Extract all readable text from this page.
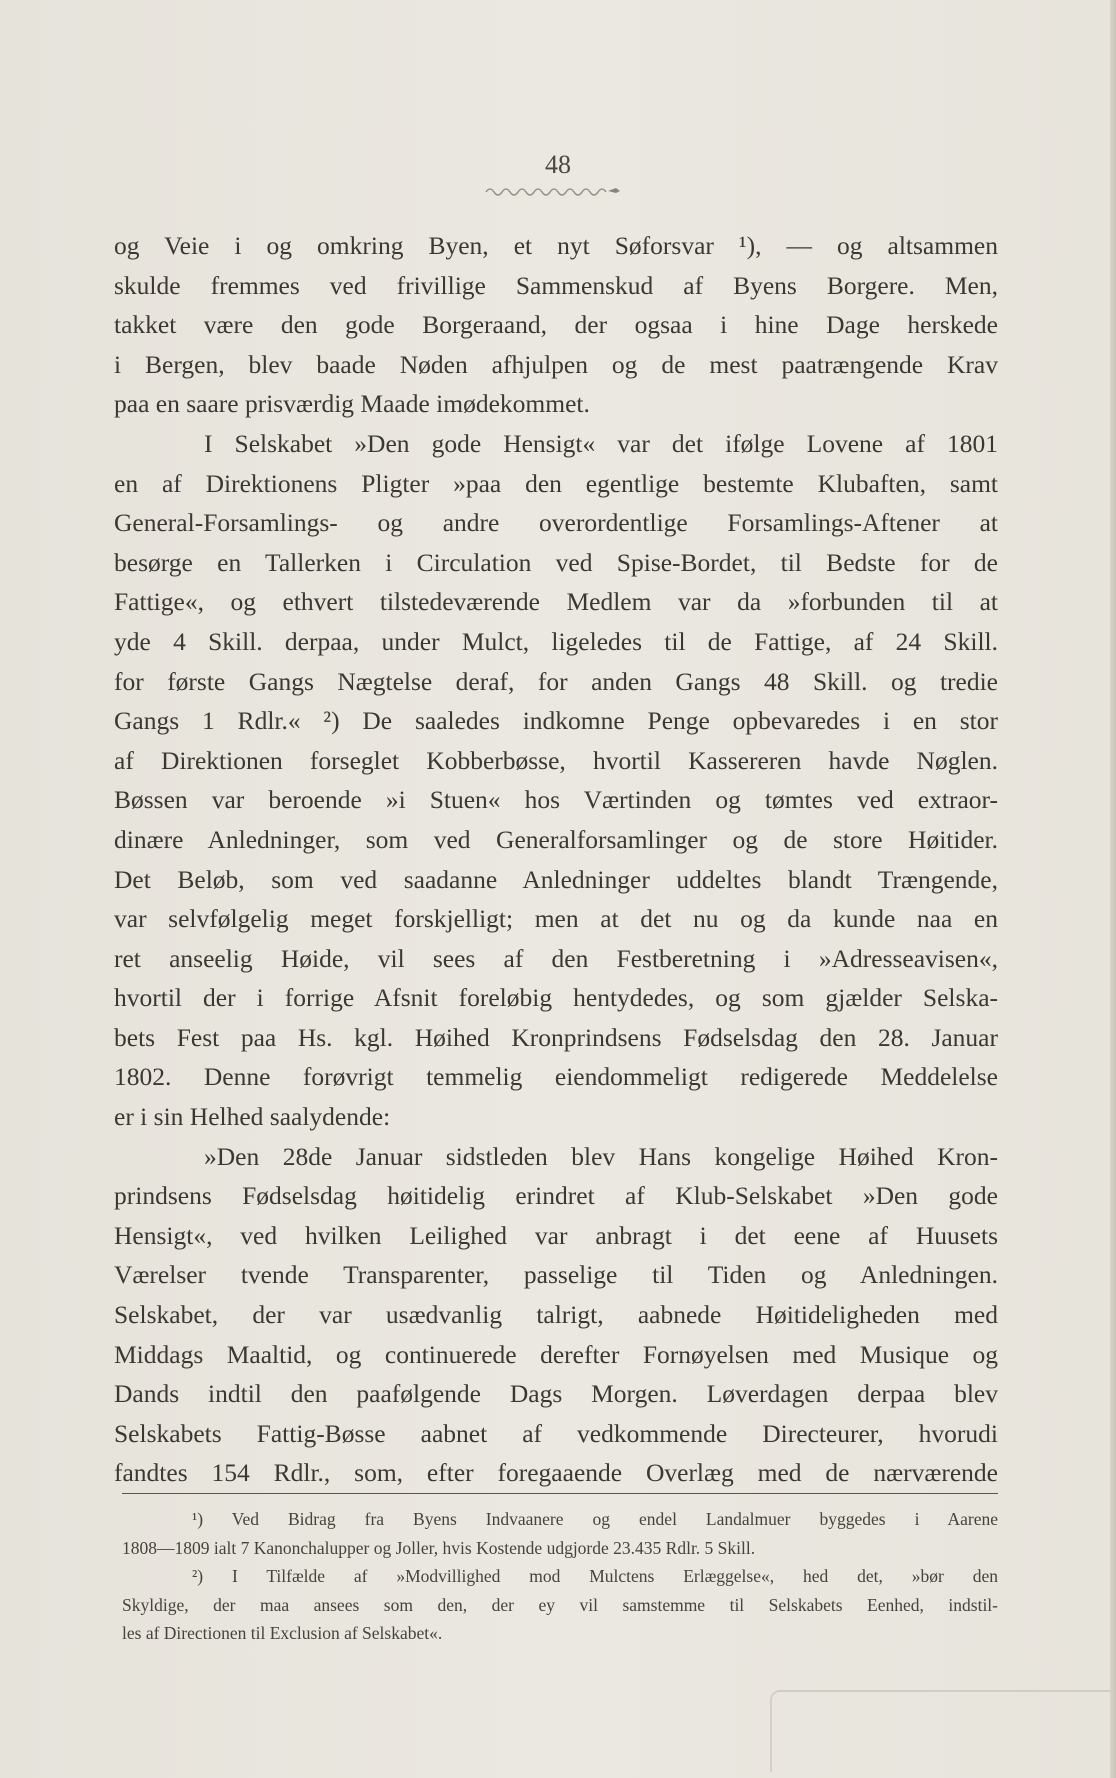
48
og Veie i og omkring Byen, et nyt Søforsvar ¹), — og altsammen
skulde fremmes ved frivillige Sammenskud af Byens Borgere. Men,
takket være den gode Borgeraand, der ogsaa i hine Dage herskede
i Bergen, blev baade Nøden afhjulpen og de mest paatrængende Krav
paa en saare prisværdig Maade imødekommet.
I Selskabet »Den gode Hensigt« var det ifølge Lovene af 1801
en af Direktionens Pligter »paa den egentlige bestemte Klubaften, samt
General-Forsamlings- og andre overordentlige Forsamlings-Aftener at
besørge en Tallerken i Circulation ved Spise-Bordet, til Bedste for de
Fattige«, og ethvert tilstedeværende Medlem var da »forbunden til at
yde 4 Skill. derpaa, under Mulct, ligeledes til de Fattige, af 24 Skill.
for første Gangs Nægtelse deraf, for anden Gangs 48 Skill. og tredie
Gangs 1 Rdlr.« ²) De saaledes indkomne Penge opbevaredes i en stor
af Direktionen forseglet Kobberbøsse, hvortil Kassereren havde Nøglen.
Bøssen var beroende »i Stuen« hos Værtinden og tømtes ved extraor-
dinære Anledninger, som ved Generalforsamlinger og de store Høitider.
Det Beløb, som ved saadanne Anledninger uddeltes blandt Trængende,
var selvfølgelig meget forskjelligt; men at det nu og da kunde naa en
ret anseelig Høide, vil sees af den Festberetning i »Adresseavisen«,
hvortil der i forrige Afsnit foreløbig hentydedes, og som gjælder Selska-
bets Fest paa Hs. kgl. Høihed Kronprindsens Fødselsdag den 28. Januar
1802. Denne forøvrigt temmelig eiendommeligt redigerede Meddelelse
er i sin Helhed saalydende:
»Den 28de Januar sidstleden blev Hans kongelige Høihed Kron-
prindsens Fødselsdag høitidelig erindret af Klub-Selskabet »Den gode
Hensigt«, ved hvilken Leilighed var anbragt i det eene af Huusets
Værelser tvende Transparenter, passelige til Tiden og Anledningen.
Selskabet, der var usædvanlig talrigt, aabnede Høitideligheden med
Middags Maaltid, og continuerede derefter Fornøyelsen med Musique og
Dands indtil den paafølgende Dags Morgen. Løverdagen derpaa blev
Selskabets Fattig-Bøsse aabnet af vedkommende Directeurer, hvorudi
fandtes 154 Rdlr., som, efter foregaaende Overlæg med de nærværende
¹) Ved Bidrag fra Byens Indvaanere og endel Landalmuer byggedes i Aarene
1808—1809 ialt 7 Kanonchalupper og Joller, hvis Kostende udgjorde 23.435 Rdlr. 5 Skill.
²) I Tilfælde af »Modvillighed mod Mulctens Erlæggelse«, hed det, »bør den
Skyldige, der maa ansees som den, der ey vil samstemme til Selskabets Eenhed, indstil-
les af Directionen til Exclusion af Selskabet«.
